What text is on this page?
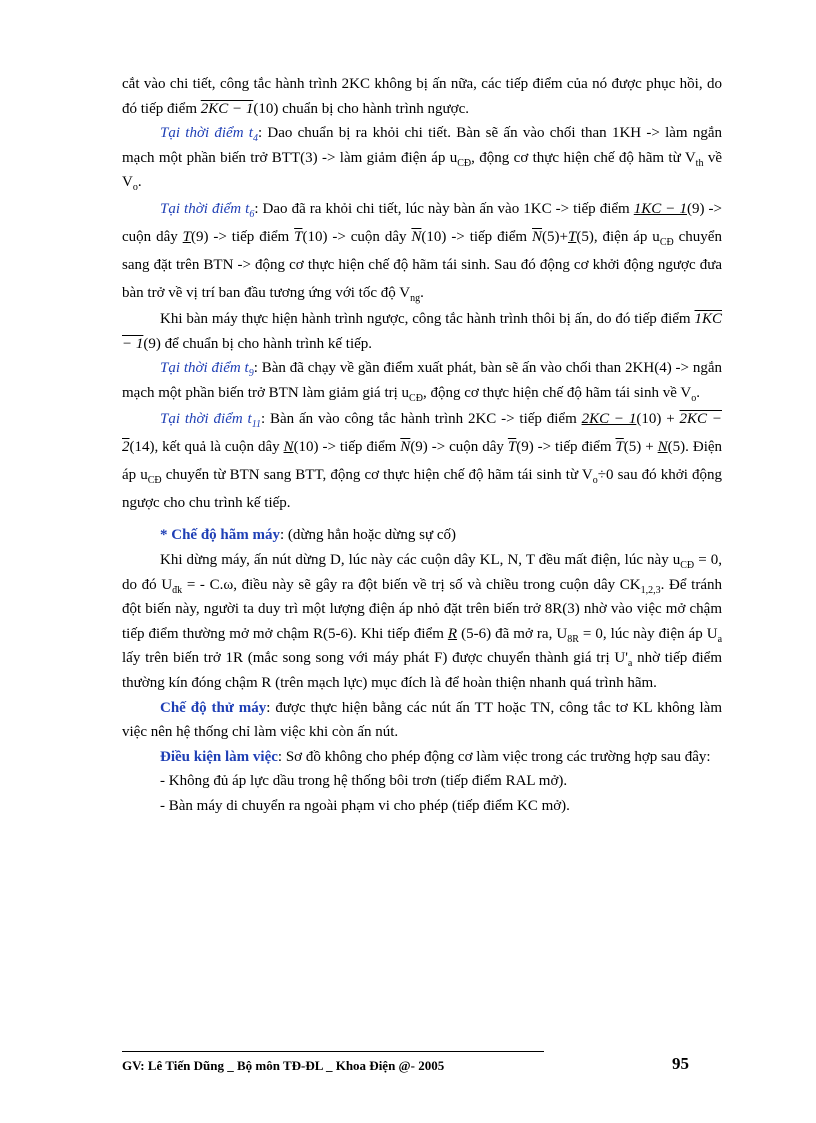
cắt vào chi tiết, công tắc hành trình 2KC không bị ấn nữa, các tiếp điểm của nó được phục hồi, do đó tiếp điểm 2KC − 1(10) chuẩn bị cho hành trình ngược.

Tại thời điểm $t_4$: Dao chuẩn bị ra khỏi chi tiết. Bàn sẽ ấn vào chối than 1KH -> làm ngắn mạch một phần biến trở BTT(3) -> làm giảm điện áp $u_{CĐ}$, động cơ thực hiện chế độ hãm từ $V_{th}$ về $V_o$.

Tại thời điểm $t_6$: Dao đã ra khỏi chi tiết, lúc này bàn ấn vào 1KC -> tiếp điểm 1KC − 1(9) -> cuộn dây T(9) -> tiếp điểm $\overline{T}(10)$ -> cuộn dây $\overline{N}(10)$ -> tiếp điểm $\overline{N}(5)+T(5)$, điện áp $u_{CĐ}$ chuyển sang đặt trên BTN -> động cơ thực hiện chế độ hãm tái sinh. Sau đó động cơ khởi động ngược đưa bàn trở về vị trí ban đầu tương ứng với tốc độ $V_{ng}$.

Khi bàn máy thực hiện hành trình ngược, công tắc hành trình thôi bị ấn, do đó tiếp điểm 1KC − 1(9) để chuẩn bị cho hành trình kế tiếp.

Tại thời điểm $t_9$: Bàn đã chạy về gần điểm xuất phát, bàn sẽ ấn vào chối than 2KH(4) -> ngắn mạch một phần biến trở BTN làm giảm giá trị $u_{CĐ}$, động cơ thực hiện chế độ hãm tái sinh về $V_o$.

Tại thời điểm $t_{11}$: Bàn ấn vào công tắc hành trình 2KC -> tiếp điểm 2KC − 1(10) + 2KC − 2(14), kết quả là cuộn dây N(10) -> tiếp điểm $\overline{N}(9)$ -> cuộn dây $\overline{T}(9)$ -> tiếp điểm $\overline{T}(5) + N(5)$. Điện áp $u_{CĐ}$ chuyển từ BTN sang BTT, động cơ thực hiện chế độ hãm tái sinh từ $V_o\div 0$ sau đó khởi động ngược cho chu trình kế tiếp.

* Chế độ hãm máy: (dừng hẳn hoặc dừng sự cố)

Khi dừng máy, ấn nút dừng D, lúc này các cuộn dây KL, N, T đều mất điện, lúc này $u_{CĐ} = 0$, do đó $U_{đk}$ = - C.ω, điều này sẽ gây ra đột biến về trị số và chiều trong cuộn dây $CK_{1,2,3}$. Để tránh đột biến này, người ta duy trì một lượng điện áp nhỏ đặt trên biến trở 8R(3) nhờ vào việc mở chậm tiếp điểm thường mở mở chậm R(5-6). Khi tiếp điểm R (5-6) đã mở ra, $U_{8R} = 0$, lúc này điện áp $U_a$ lấy trên biến trở 1R (mắc song song với máy phát F) được chuyển thành giá trị $U'_a$ nhờ tiếp điểm thường kín đóng chậm R (trên mạch lực) mục đích là để hoàn thiện nhanh quá trình hãm.

Chế độ thử máy: được thực hiện bằng các nút ấn TT hoặc TN, công tắc tơ KL không làm việc nên hệ thống chỉ làm việc khi còn ấn nút.

Điều kiện làm việc: Sơ đồ không cho phép động cơ làm việc trong các trường hợp sau đây:

- Không đủ áp lực dầu trong hệ thống bôi trơn (tiếp điểm RAL mở).

- Bàn máy di chuyển ra ngoài phạm vi cho phép (tiếp điểm KC mở).

GV: Lê Tiến Dũng _ Bộ môn TĐ-ĐL _ Khoa Điện @- 2005	95
